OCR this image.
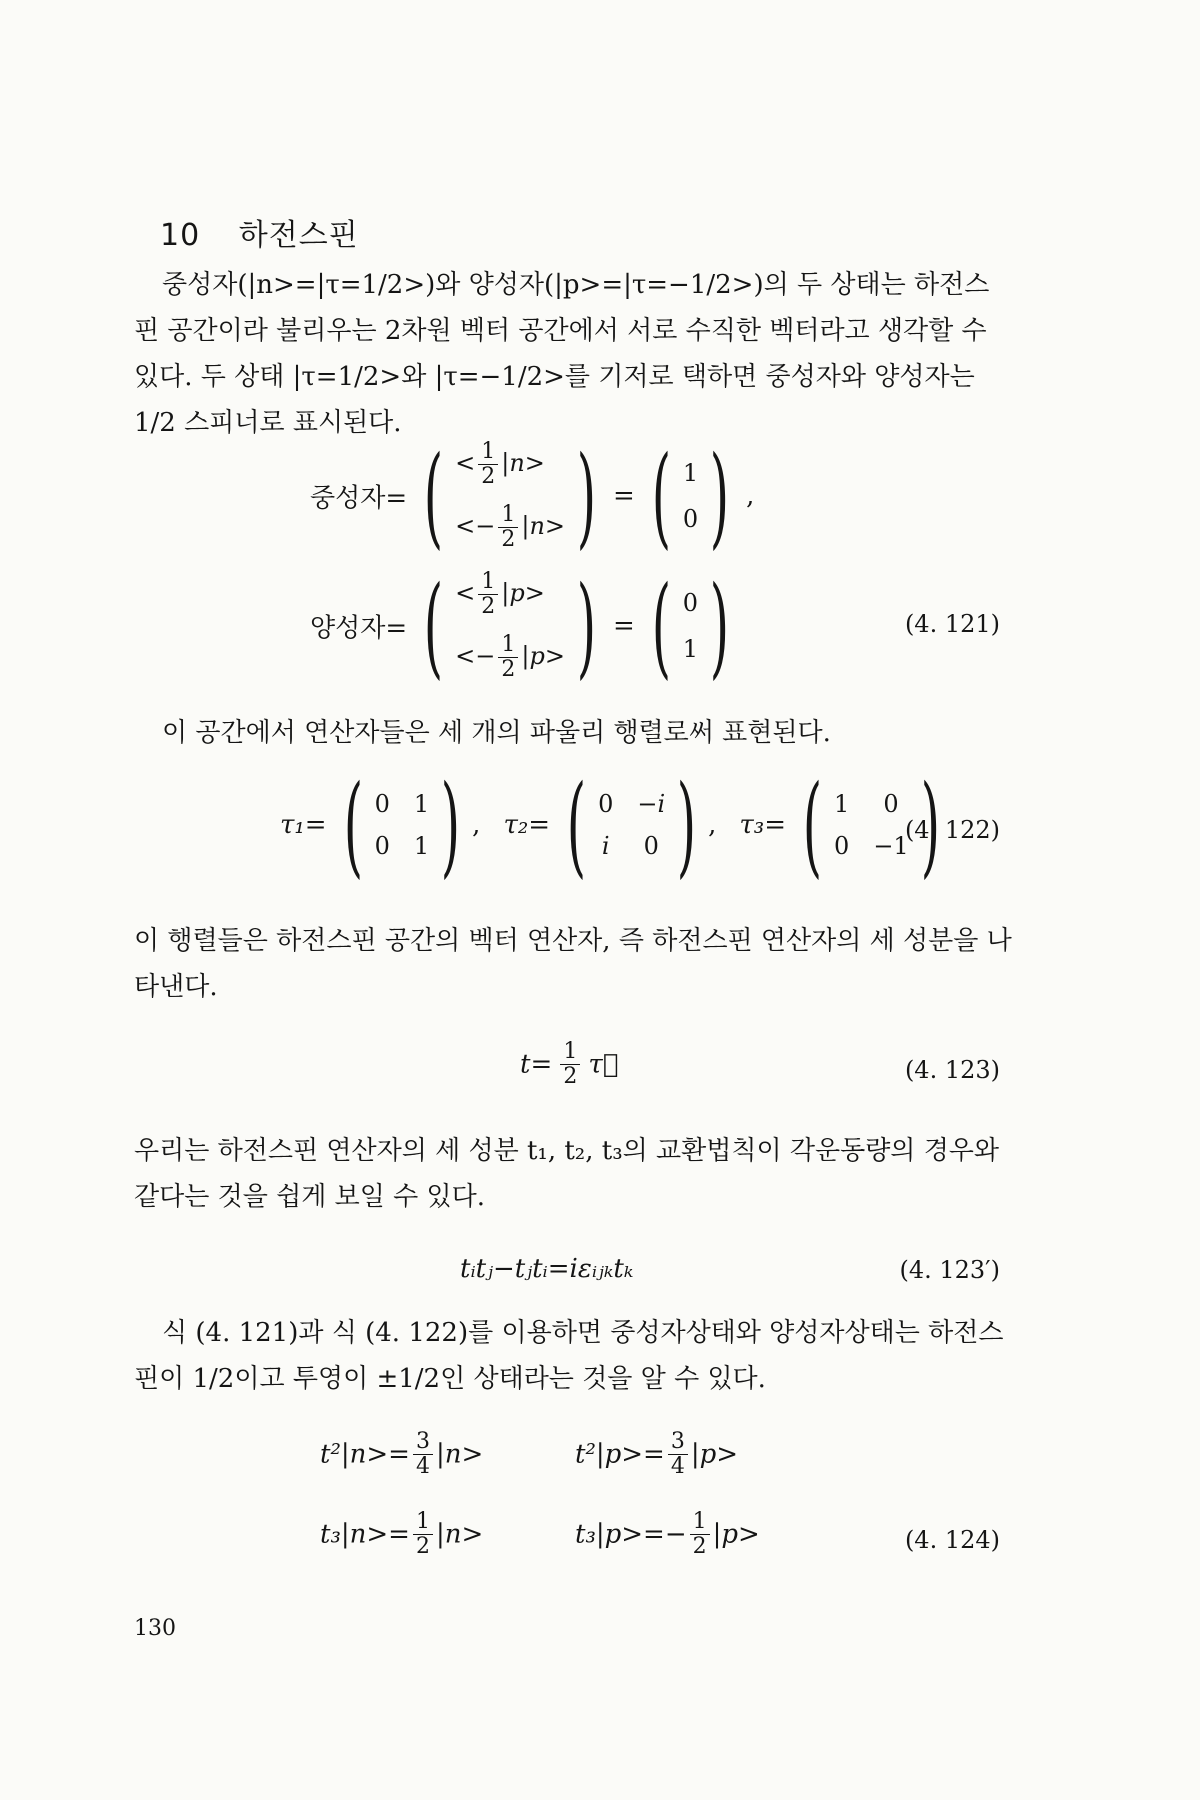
10 하전스핀
중성자(|n>=|τ=1/2>)와 양성자(|p>=|τ=−1/2>)의 두 상태는 하전스핀 공간이라 불리우는 2차원 벡터 공간에서 서로 수직한 벡터라고 생각할 수 있다. 두 상태 |τ=1/2>와 |τ=−1/2>를 기저로 택하면 중성자와 양성자는 1/2 스피너로 표시된다.
중성자= ( < $\frac{1}{2} |n>$
<− $\frac{1}{2} |n>$ ) = ( 1
0 ) ,
양성자= ( < $\frac{1}{2} |p>$
<− $\frac{1}{2} |p>$ ) = ( 0
1 )	(4. 121)
이 공간에서 연산자들은 세 개의 파울리 행렬로써 표현된다.
τ₁= ( 0 1
0 1 ) , τ₂= ( 0 −i
i 0 ) , τ₃= ( 1	0
0 −1 )
(4. 122)
이 행렬들은 하전스핀 공간의 벡터 연산자, 즉 하전스핀 연산자의 세 성분을 나타낸다.
$t= \frac{1}{2}$ τ⃗	(4. 123)
우리는 하전스핀 연산자의 세 성분 t₁, t₂, t₃의 교환법칙이 각운동량의 경우와 같다는 것을 쉽게 보일 수 있다.
tᵢtⱼ−tⱼtᵢ=iεᵢⱼₖtₖ	(4. 123′)
식 (4. 121)과 식 (4. 122)를 이용하면 중성자상태와 양성자상태는 하전스핀이 1/2이고 투영이 ±1/2인 상태라는 것을 알 수 있다.
$t^2|n>= \frac{3}{4} |n>$	$t^2|p>= \frac{3}{4} |p>$
$t_3|n>= \frac{1}{2} |n>$	$t_3|p>=- \frac{1}{2} |p>$	(4. 124)
130
